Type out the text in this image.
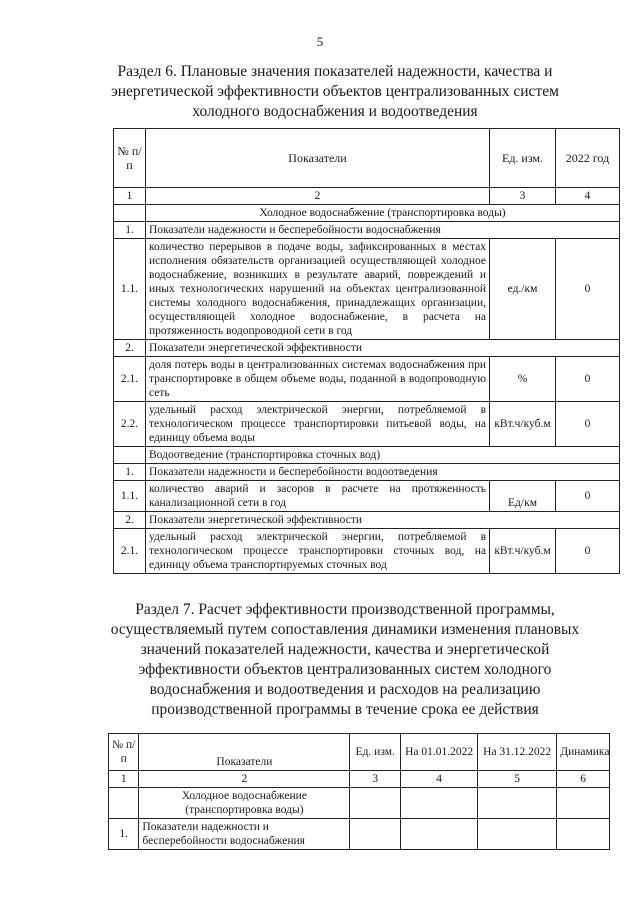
5
Раздел 6. Плановые значения показателей надежности, качества и энергетической эффективности объектов централизованных систем холодного водоснабжения и водоотведения
№ п/п	Показатели	Ед. изм.	2022 год
1	2	3	4
	Холодное водоснабжение (транспортировка воды)		
1.	Показатели надежности и бесперебойности водоснабжения		
1.1.	количество перерывов в подаче воды, зафиксированных в местах исполнения обязательств организацией осуществляющей холодное водоснабжение, возникших в результате аварий, повреждений и иных технологических нарушений на объектах централизованной системы холодного водоснабжения, принадлежащих организации, осуществляющей холодное водоснабжение, в расчета на протяженность водопроводной сети в год	ед./км	0
2.	Показатели энергетической эффективности		
2.1.	доля потерь воды в централизованных системах водоснабжения при транспортировке в общем объеме воды, поданной в водопроводную сеть	%	0
2.2.	удельный расход электрической энергии, потребляемой в технологическом процессе транспортировки питьевой воды, на единицу объема воды	кВт.ч/куб.м	0
	Водоотведение (транспортировка сточных вод)		
1.	Показатели надежности и бесперебойности водоотведения		
1.1.	количество аварий и засоров в расчете на протяженность канализационной сети в год	Ед/км	0
2.	Показатели энергетической эффективности		
2.1.	удельный расход электрической энергии, потребляемой в технологическом процессе транспортировки сточных вод, на единицу объема транспортируемых сточных вод	кВт.ч/куб.м	0
Раздел 7. Расчет эффективности производственной программы, осуществляемый путем сопоставления динамики изменения плановых значений показателей надежности, качества и энергетической эффективности объектов централизованных систем холодного водоснабжения и водоотведения и расходов на реализацию производственной программы в течение срока ее действия
№ п/п	Показатели	Ед. изм.	На 01.01.2022	На 31.12.2022	Динамика
1	2	3	4	5	6
	Холодное водоснабжение (транспортировка воды)				
1.	Показатели надежности и бесперебойности водоснабжения				
